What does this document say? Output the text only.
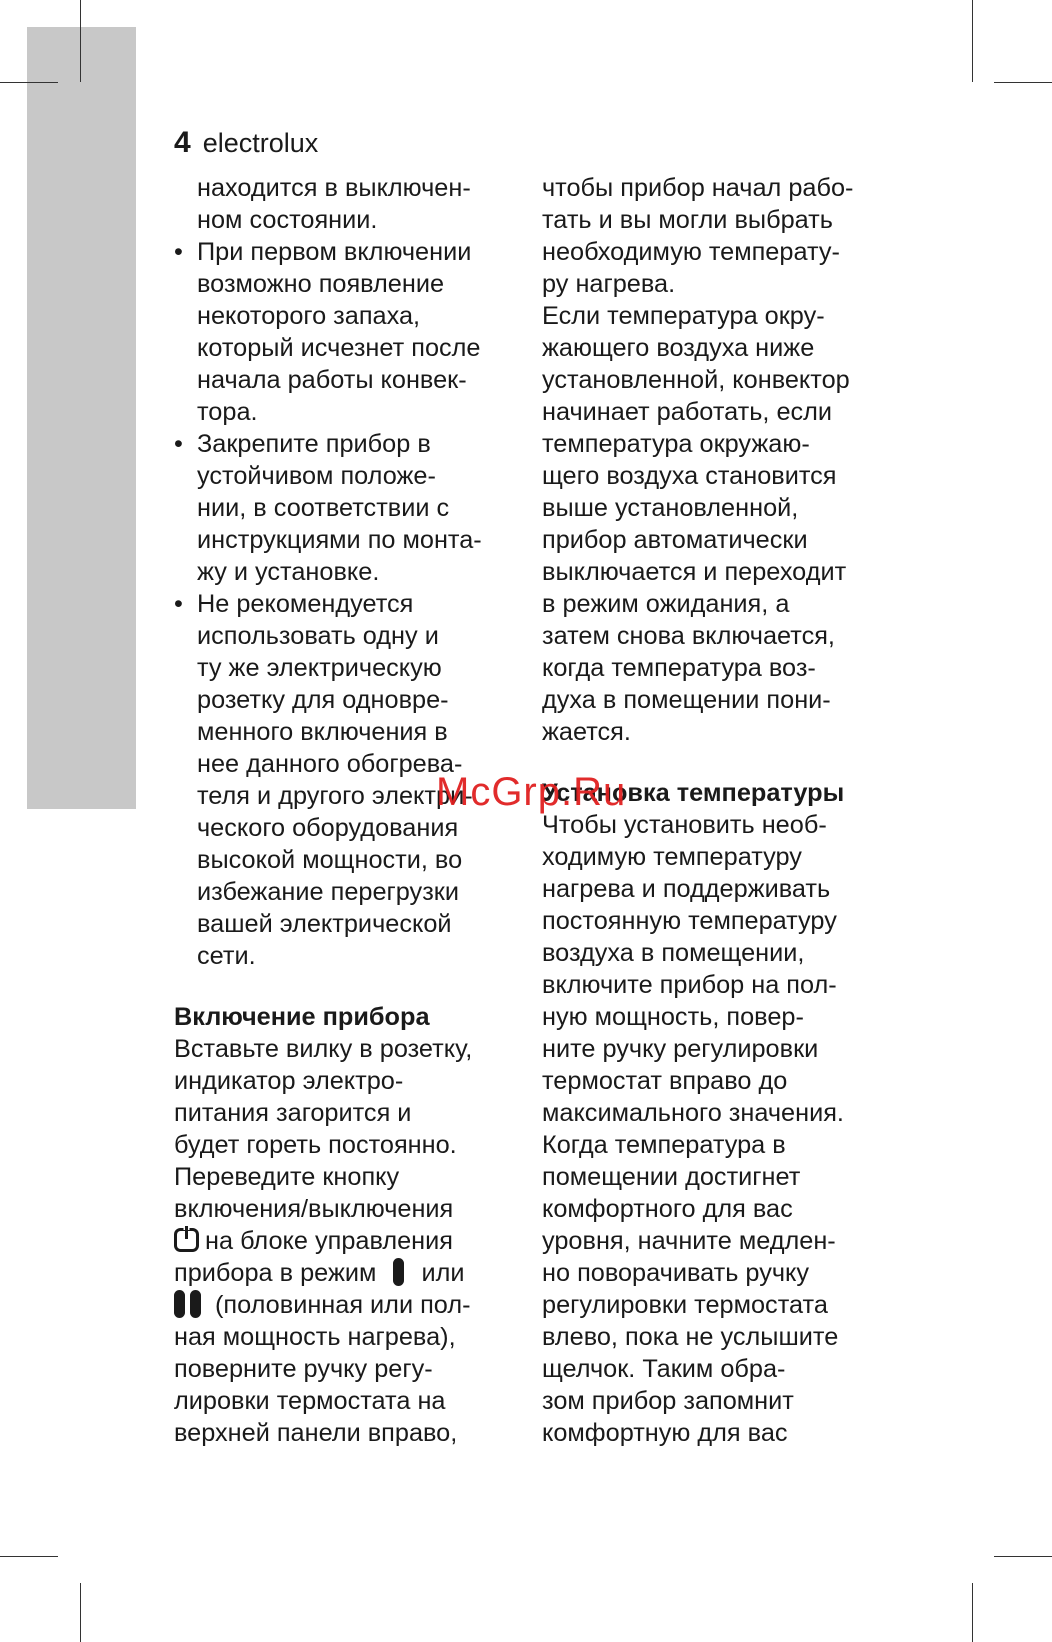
4 electrolux
находится в выключен-
ном состоянии.
• При первом включении
возможно появление
некоторого запаха,
который исчезнет после
начала работы конвек-
тора.
• Закрепите прибор в
устойчивом положе-
нии, в соответствии с
инструкциями по монта-
жу и установке.
• Не рекомендуется
использовать одну и
ту же электрическую
розетку для одновре-
менного включения в
нее данного обогрева-
теля и другого электри-
ческого оборудования
высокой мощности, во
избежание перегрузки
вашей электрической
сети.
Включение прибора
Вставьте вилку в розетку,
индикатор электро-
питания загорится и
будет гореть постоянно.
Переведите кнопку
включения/выключения
на блоке управления
прибора в режим или
(половинная или пол-
ная мощность нагрева),
поверните ручку регу-
лировки термостата на
верхней панели вправо,
чтобы прибор начал рабо-
тать и вы могли выбрать
необходимую температу-
ру нагрева.
Если температура окру-
жающего воздуха ниже
установленной, конвектор
начинает работать, если
температура окружаю-
щего воздуха становится
выше установленной,
прибор автоматически
выключается и переходит
в режим ожидания, а
затем снова включается,
когда температура воз-
духа в помещении пони-
жается.
Установка температуры
Чтобы установить необ-
ходимую температуру
нагрева и поддерживать
постоянную температуру
воздуха в помещении,
включите прибор на пол-
ную мощность, повер-
ните ручку регулировки
термостат вправо до
максимального значения.
Когда температура в
помещении достигнет
комфортного для вас
уровня, начните медлен-
но поворачивать ручку
регулировки термостата
влево, пока не услышите
щелчок. Таким обра-
зом прибор запомнит
комфортную для вас
McGrp.Ru
